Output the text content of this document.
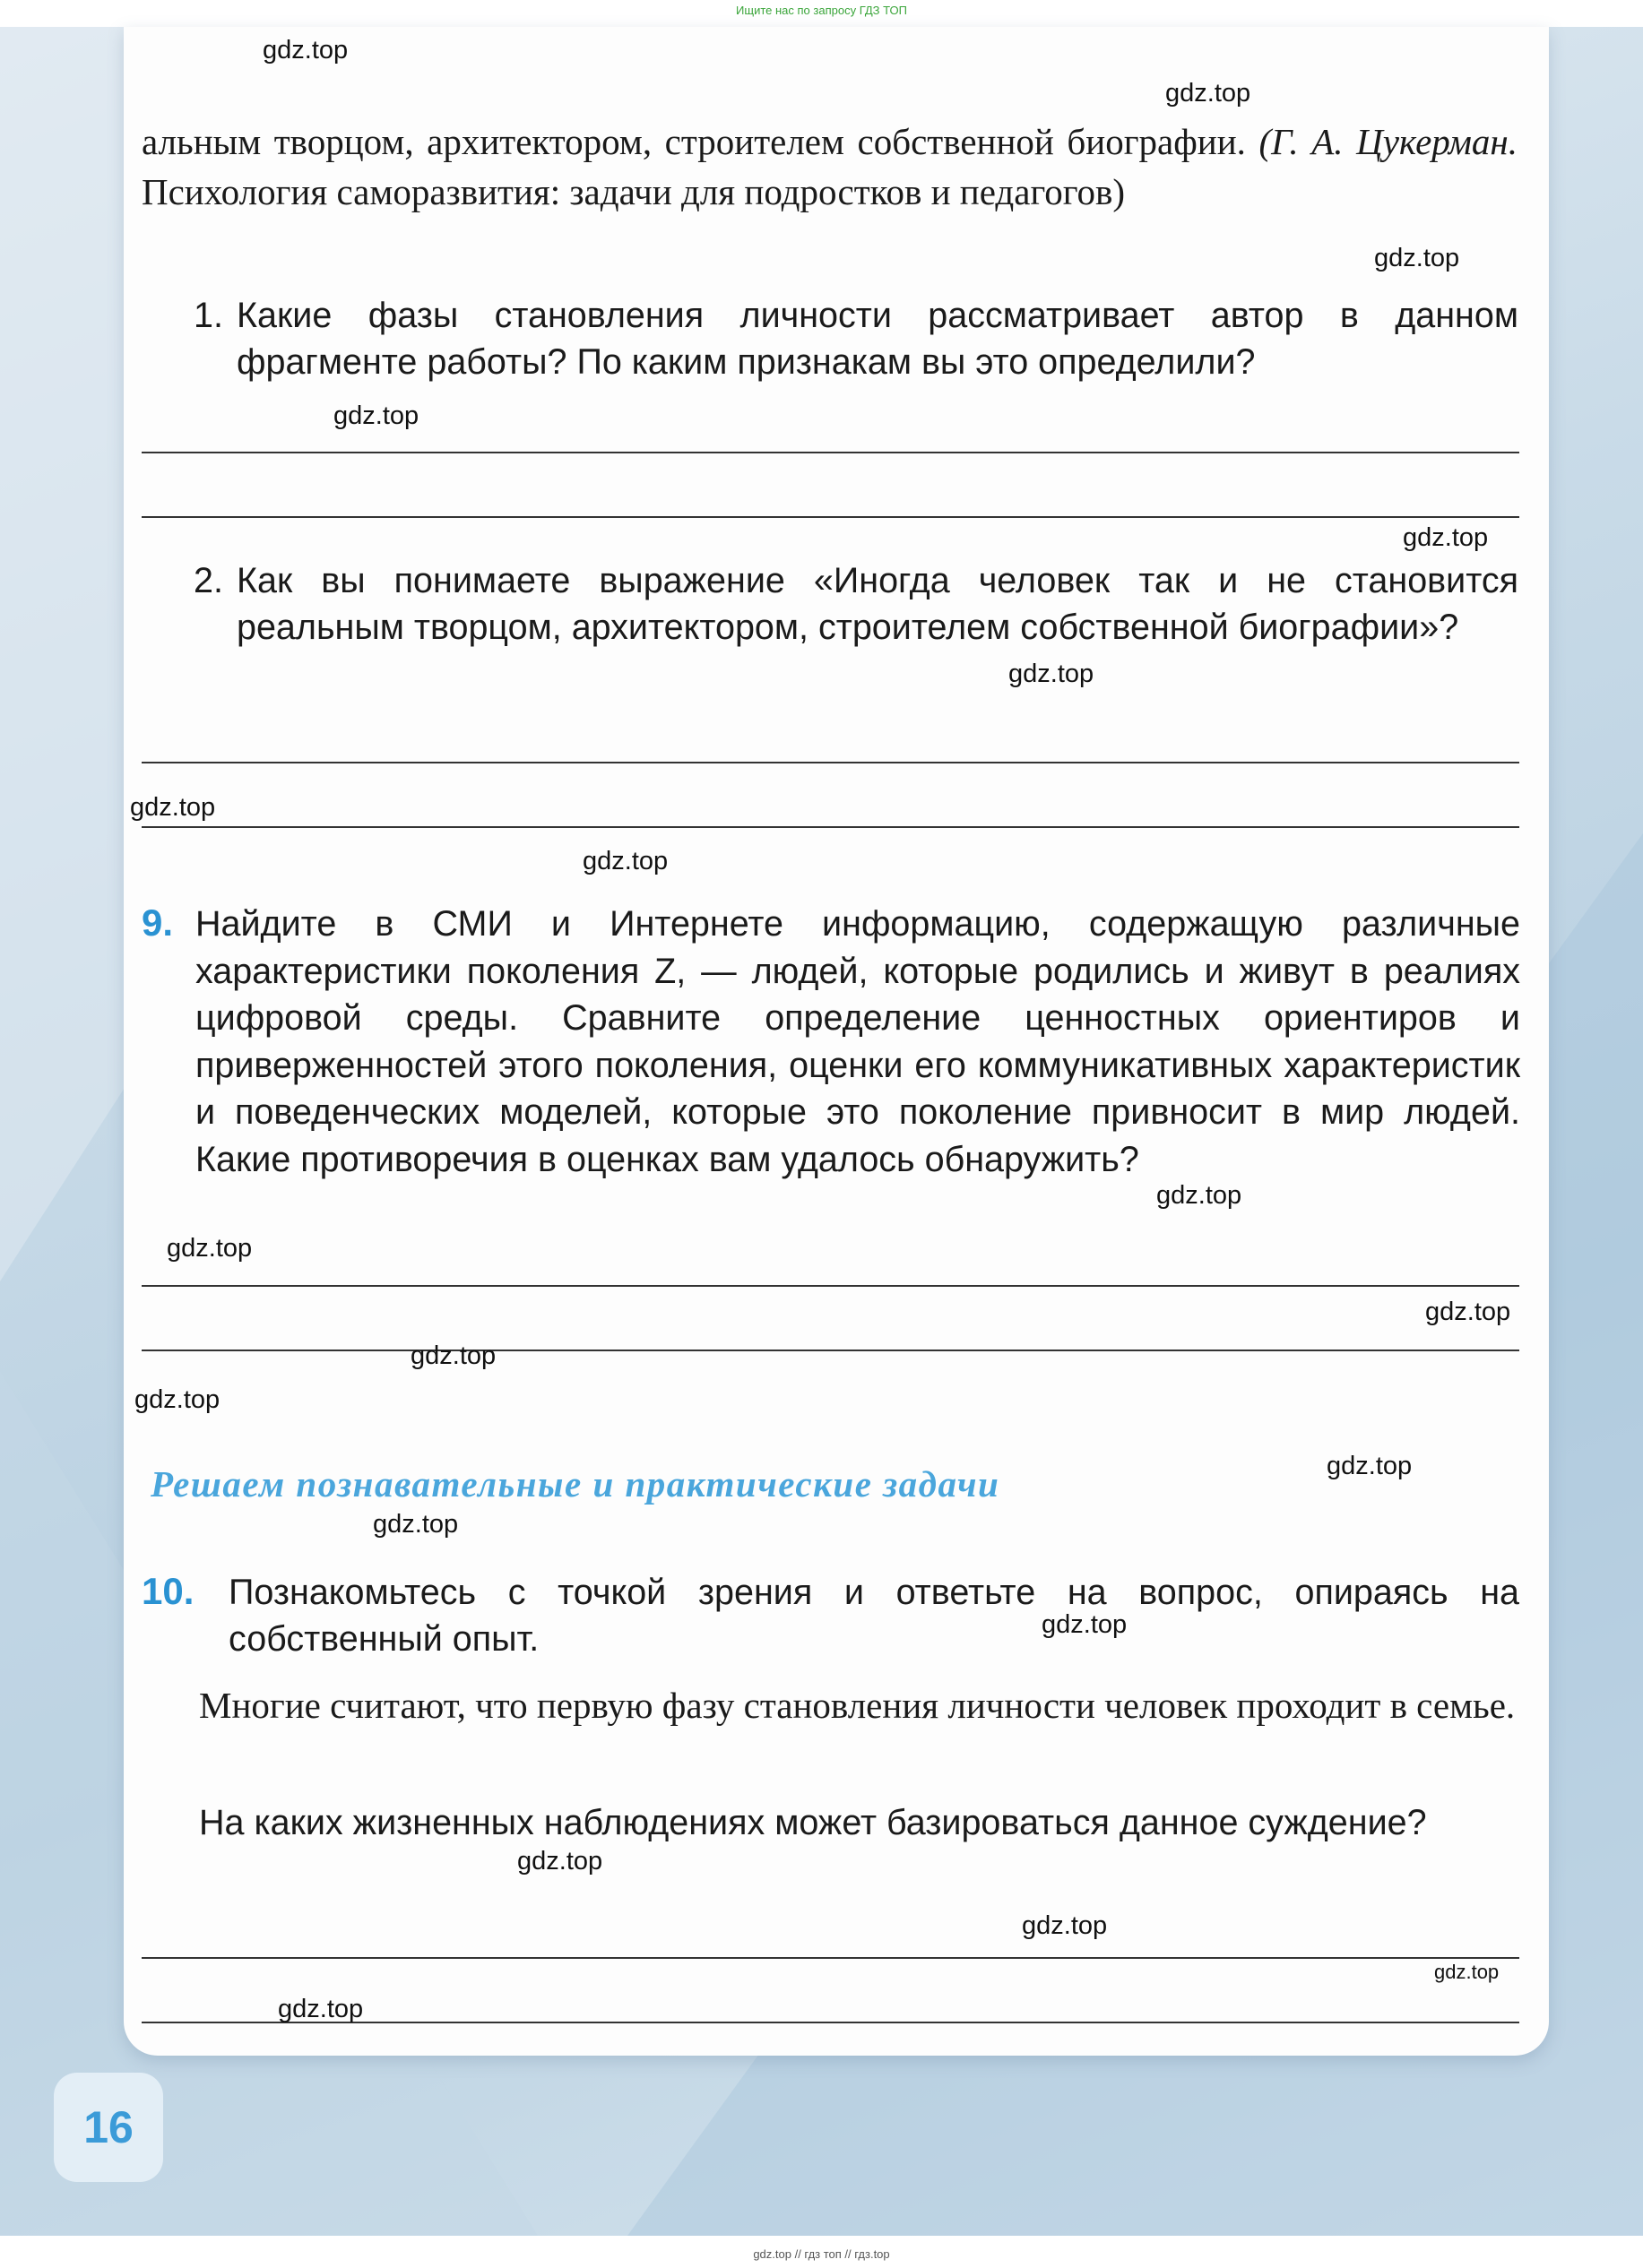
Ищите нас по запросу ГДЗ ТОП
альным творцом, архитектором, строителем собственной биографии. (Г. А. Цукерман. Психология саморазвития: задачи для подростков и педагогов)
1. Какие фазы становления личности рассматривает автор в данном фрагменте работы? По каким признакам вы это определили?
2. Как вы понимаете выражение «Иногда человек так и не становится реальным творцом, архитектором, строителем собственной биографии»?
9. Найдите в СМИ и Интернете информацию, содержащую различные характеристики поколения Z, — людей, которые родились и живут в реалиях цифровой среды. Сравните определение ценностных ориентиров и приверженностей этого поколения, оценки его коммуникативных характеристик и поведенческих моделей, которые это поколение привносит в мир людей. Какие противоречия в оценках вам удалось обнаружить?
Решаем познавательные и практические задачи
10. Познакомьтесь с точкой зрения и ответьте на вопрос, опираясь на собственный опыт.
Многие считают, что первую фазу становления личности человек проходит в семье.
На каких жизненных наблюдениях может базироваться данное суждение?
gdz.top
gdz.top
gdz.top
gdz.top
gdz.top
gdz.top
gdz.top
gdz.top
gdz.top
gdz.top
gdz.top
gdz.top
gdz.top
gdz.top
gdz.top
gdz.top
gdz.top
gdz.top
gdz.top
gdz.top
16
gdz.top // гдз топ // гдз.top
